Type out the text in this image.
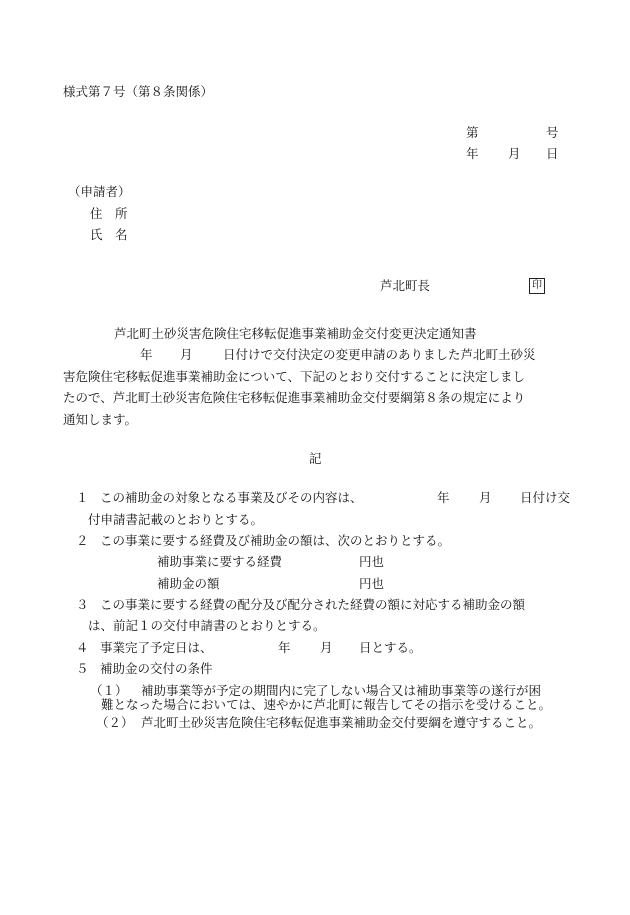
様式第７号（第８条関係）
第	号
年 月 日
（申請者）
住　所
氏　名
芦北町長	印
芦北町土砂災害危険住宅移転促進事業補助金交付変更決定通知書
年 月 日付けで交付決定の変更申請のありました芦北町土砂災
害危険住宅移転促進事業補助金について、下記のとおり交付することに決定しまし
たので、芦北町土砂災害危険住宅移転促進事業補助金交付要綱第８条の規定により
通知します。
記
１ この補助金の対象となる事業及びその内容は、	年 月 日付け交
付申請書記載のとおりとする。
２ この事業に要する経費及び補助金の額は、次のとおりとする。
補助事業に要する経費	円也
補助金の額	円也
３ この事業に要する経費の配分及び配分された経費の額に対応する補助金の額
は、前記１の交付申請書のとおりとする。
４ 事業完了予定日は、	年 月 日とする。
５ 補助金の交付の条件
（１） 補助事業等が予定の期間内に完了しない場合又は補助事業等の遂行が困
難となった場合においては、速やかに芦北町に報告してその指示を受けること。
（２） 芦北町土砂災害危険住宅移転促進事業補助金交付要綱を遵守すること。
